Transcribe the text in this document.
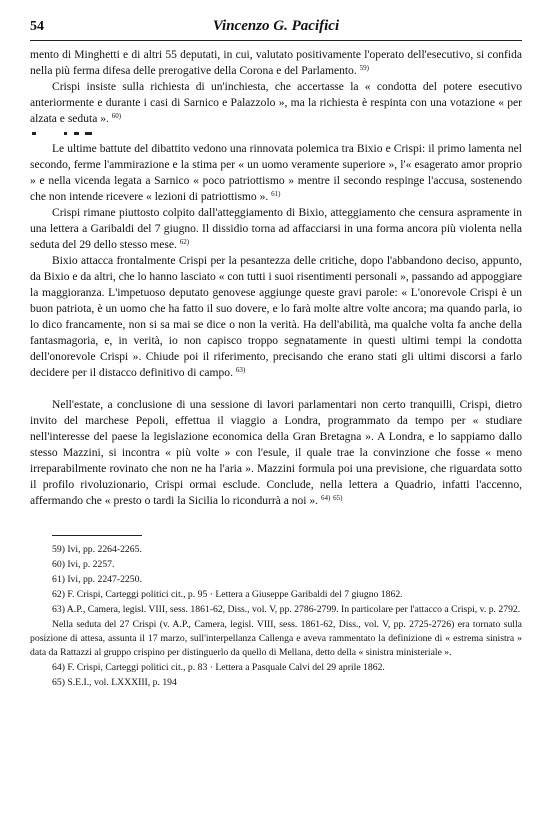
54	Vincenzo G. Pacifici

mento di Minghetti e di altri 55 deputati, in cui, valutato positivamente l'operato dell'esecutivo, si confida nella più ferma difesa delle prerogative della Corona e del Parlamento. $^{59)}$

Crispi insiste sulla richiesta di un'inchiesta, che accertasse la « condotta del potere esecutivo anteriormente e durante i casi di Sarnico e Palazzolo », ma la richiesta è respinta con una votazione « per alzata e seduta ». $^{60)}$

Le ultime battute del dibattito vedono una rinnovata polemica tra Bixio e Crispi: il primo lamenta nel secondo, ferme l'ammirazione e la stima per « un uomo veramente superiore », l'« esagerato amor proprio » e nella vicenda legata a Sarnico « poco patriottismo » mentre il secondo respinge l'accusa, sostenendo che non intende ricevere « lezioni di patriottismo ». $^{61)}$

Crispi rimane piuttosto colpito dall'atteggiamento di Bixio, atteggiamento che censura aspramente in una lettera a Garibaldi del 7 giugno. Il dissidio torna ad affacciarsi in una forma ancora più violenta nella seduta del 29 dello stesso mese. $^{62)}$

Bixio attacca frontalmente Crispi per la pesantezza delle critiche, dopo l'abbandono deciso, appunto, da Bixio e da altri, che lo hanno lasciato « con tutti i suoi risentimenti personali », passando ad appoggiare la maggioranza. L'impetuoso deputato genovese aggiunge queste gravi parole: « L'onorevole Crispi è un buon patriota, è un uomo che ha fatto il suo dovere, e lo farà molte altre volte ancora; ma quando parla, io lo dico francamente, non si sa mai se dice o non la verità. Ha dell'abilità, ma qualche volta fa anche della fantasmagoria, e, in verità, io non capisco troppo segnatamente in questi ultimi tempi la condotta dell'onorevole Crispi ». Chiude poi il riferimento, precisando che erano stati gli ultimi discorsi a farlo decidere per il distacco definitivo di campo. $^{63)}$

Nell'estate, a conclusione di una sessione di lavori parlamentari non certo tranquilli, Crispi, dietro invito del marchese Pepoli, effettua il viaggio a Londra, programmato da tempo per « studiare nell'interesse del paese la legislazione economica della Gran Bretagna ». A Londra, e lo sappiamo dallo stesso Mazzini, si incontra « più volte » con l'esule, il quale trae la convinzione che fosse « meno irreparabilmente rovinato che non ne ha l'aria ». Mazzini formula poi una previsione, che riguardata sotto il profilo rivoluzionario, Crispi ormai esclude. Conclude, nella lettera a Quadrio, infatti l'accenno, affermando che « presto o tardi la Sicilia lo ricondurrà a noi ». $^{64)}$ $^{65)}$

59) Ivi, pp. 2264-2265.

60) Ivi, p. 2257.

61) Ivi, pp. 2247-2250.

62) F. Crispi, Carteggi politici cit., p. 95 · Lettera a Giuseppe Garibaldi del 7 giugno 1862.

63) A.P., Camera, legisl. VIII, sess. 1861-62, Diss., vol. V, pp. 2786-2799. In particolare per l'attacco a Crispi, v. p. 2792.

Nella seduta del 27 Crispi (v. A.P., Camera, legisl. VIII, sess. 1861-62, Diss., vol. V, pp. 2725-2726) era tornato sulla posizione di attesa, assunta il 17 marzo, sull'interpellanza Callenga e aveva rammentato la definizione di « estrema sinistra » data da Rattazzi al gruppo crispino per distinguerlo da quello di Mellana, detto della « sinistra ministeriale ».

64) F. Crispi, Carteggi politici cit., p. 83 · Lettera a Pasquale Calvi del 29 aprile 1862.

65) S.E.I., vol. LXXXIII, p. 194
